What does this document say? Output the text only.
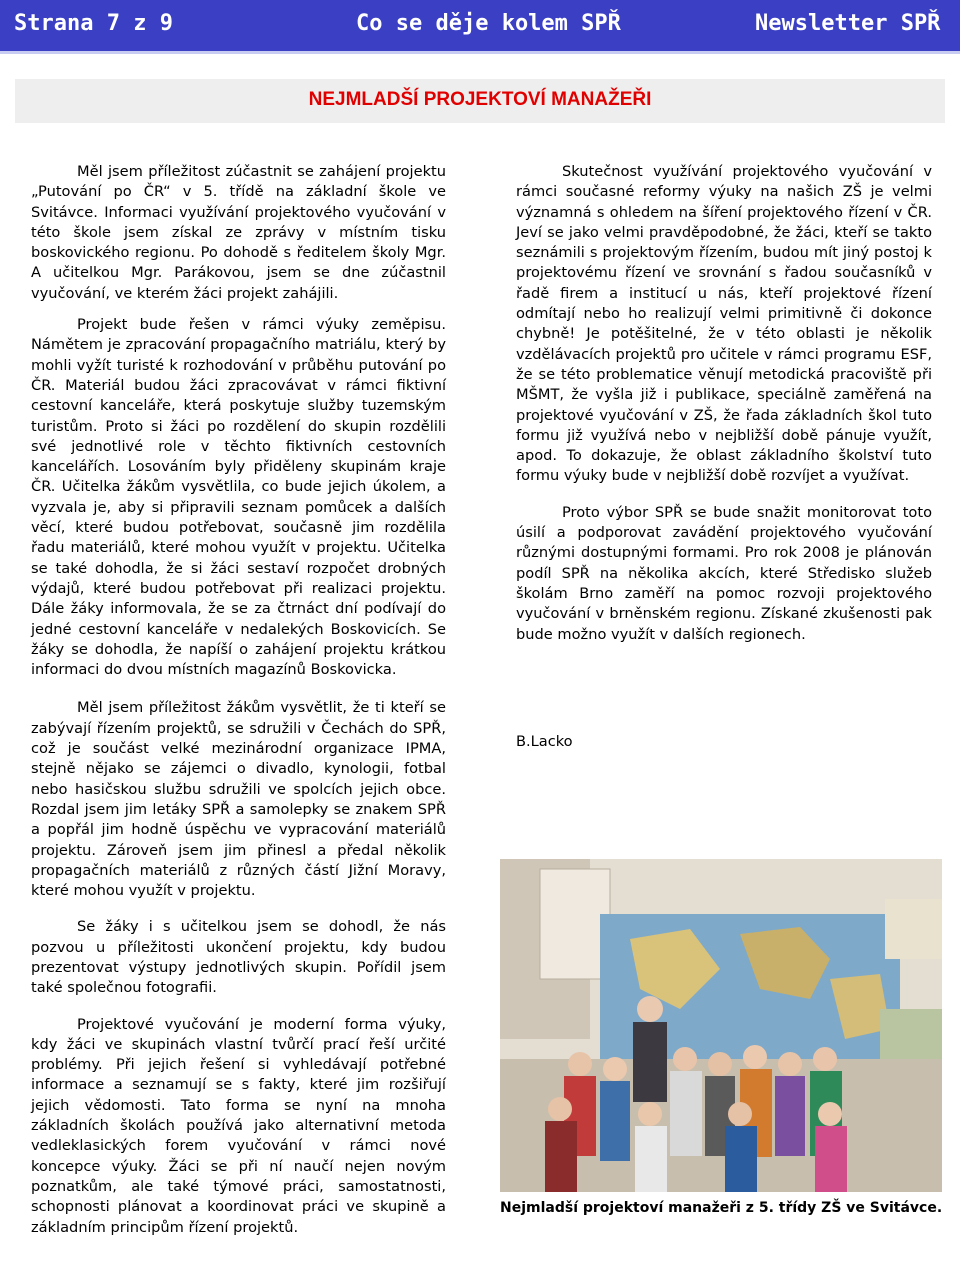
Strana 7 z 9	Co se děje kolem SPŘ	Newsletter SPŘ
NEJMLADŠÍ PROJEKTOVÍ MANAŽEŘI

Měl jsem příležitost zúčastnit se zahájení projektu „Putování po ČR“ v 5. třídě na základní škole ve Svitávce. Informaci využívání projektového vyučování v této škole jsem získal ze zprávy v místním tisku boskovického regionu. Po dohodě s ředitelem školy Mgr. A učitelkou Mgr. Parákovou, jsem se dne zúčastnil vyučování, ve kterém žáci projekt zahájili.

Projekt bude řešen v rámci výuky zeměpisu. Námětem je zpracování propagačního matriálu, který by mohli vyžít turisté k rozhodování v průběhu putování po ČR. Materiál budou žáci zpracovávat v rámci fiktivní cestovní kanceláře, která poskytuje služby tuzemským turistům. Proto si žáci po rozdělení do skupin rozdělili své jednotlivé role v těchto fiktivních cestovních kancelářích. Losováním byly přiděleny skupinám kraje ČR. Učitelka žákům vysvětlila, co bude jejich úkolem, a vyzvala je, aby si připravili seznam pomůcek a dalších věcí, které budou potřebovat, současně jim rozdělila řadu materiálů, které mohou využít v projektu. Učitelka se také dohodla, že si žáci sestaví rozpočet drobných výdajů, které budou potřebovat při realizaci projektu. Dále žáky informovala, že se za čtrnáct dní podívají do jedné cestovní kanceláře v nedalekých Boskovicích. Se žáky se dohodla, že napíší o zahájení projektu krátkou informaci do dvou místních magazínů Boskovicka.

Měl jsem příležitost žákům vysvětlit, že ti kteří se zabývají řízením projektů, se sdružili v Čechách do SPŘ, což je součást velké mezinárodní organizace IPMA, stejně nějako se zájemci o divadlo, kynologii, fotbal nebo hasičskou službu sdružili ve spolcích jejich obce. Rozdal jsem jim letáky SPŘ a samolepky se znakem SPŘ a popřál jim hodně úspěchu ve vypracování materiálů projektu. Zároveň jsem jim přinesl a předal několik propagačních materiálů z různých částí Jižní Moravy, které mohou využít v projektu.

Se žáky i s učitelkou jsem se dohodl, že nás pozvou u příležitosti ukončení projektu, kdy budou prezentovat výstupy jednotlivých skupin. Pořídil jsem také společnou fotografii.

Projektové vyučování je moderní forma výuky, kdy žáci ve skupinách vlastní tvůrčí prací řeší určité problémy. Při jejich řešení si vyhledávají potřebné informace a seznamují se s fakty, které jim rozšiřují jejich vědomosti. Tato forma se nyní na mnoha základních školách používá jako alternativní metoda vedleklasických forem vyučování v rámci nové koncepce výuky. Žáci se při ní naučí nejen novým poznatkům, ale také týmové práci, samostatnosti, schopnosti plánovat a koordinovat práci ve skupině a základním principům řízení projektů.

Skutečnost využívání projektového vyučování v rámci současné reformy výuky na našich ZŠ je velmi významná s ohledem na šíření projektového řízení v ČR. Jeví se jako velmi pravděpodobné, že žáci, kteří se takto seznámili s projektovým řízením, budou mít jiný postoj k projektovému řízení ve srovnání s řadou současníků v řadě firem a institucí u nás, kteří projektové řízení odmítají nebo ho realizují velmi primitivně či dokonce chybně! Je potěšitelné, že v této oblasti je několik vzdělávacích projektů pro učitele v rámci programu ESF, že se této problematice věnují metodická pracoviště při MŠMT, že vyšla již i publikace, speciálně zaměřená na projektové vyučování v ZŠ, že řada základních škol tuto formu již využívá nebo v nejbližší době pánuje využít, apod. To dokazuje, že oblast základního školství tuto formu výuky bude v nejbližší době rozvíjet a využívat.

Proto výbor SPŘ se bude snažit monitorovat toto úsilí a podporovat zavádění projektového vyučování různými dostupnými formami. Pro rok 2008 je plánován podíl SPŘ na několika akcích, které Středisko služeb školám Brno zaměří na pomoc rozvoji projektového vyučování v brněnském regionu. Získané zkušenosti pak bude možno využít v dalších regionech.

B.Lacko
Nejmladší projektoví manažeři z 5. třídy ZŠ ve Svitávce.
